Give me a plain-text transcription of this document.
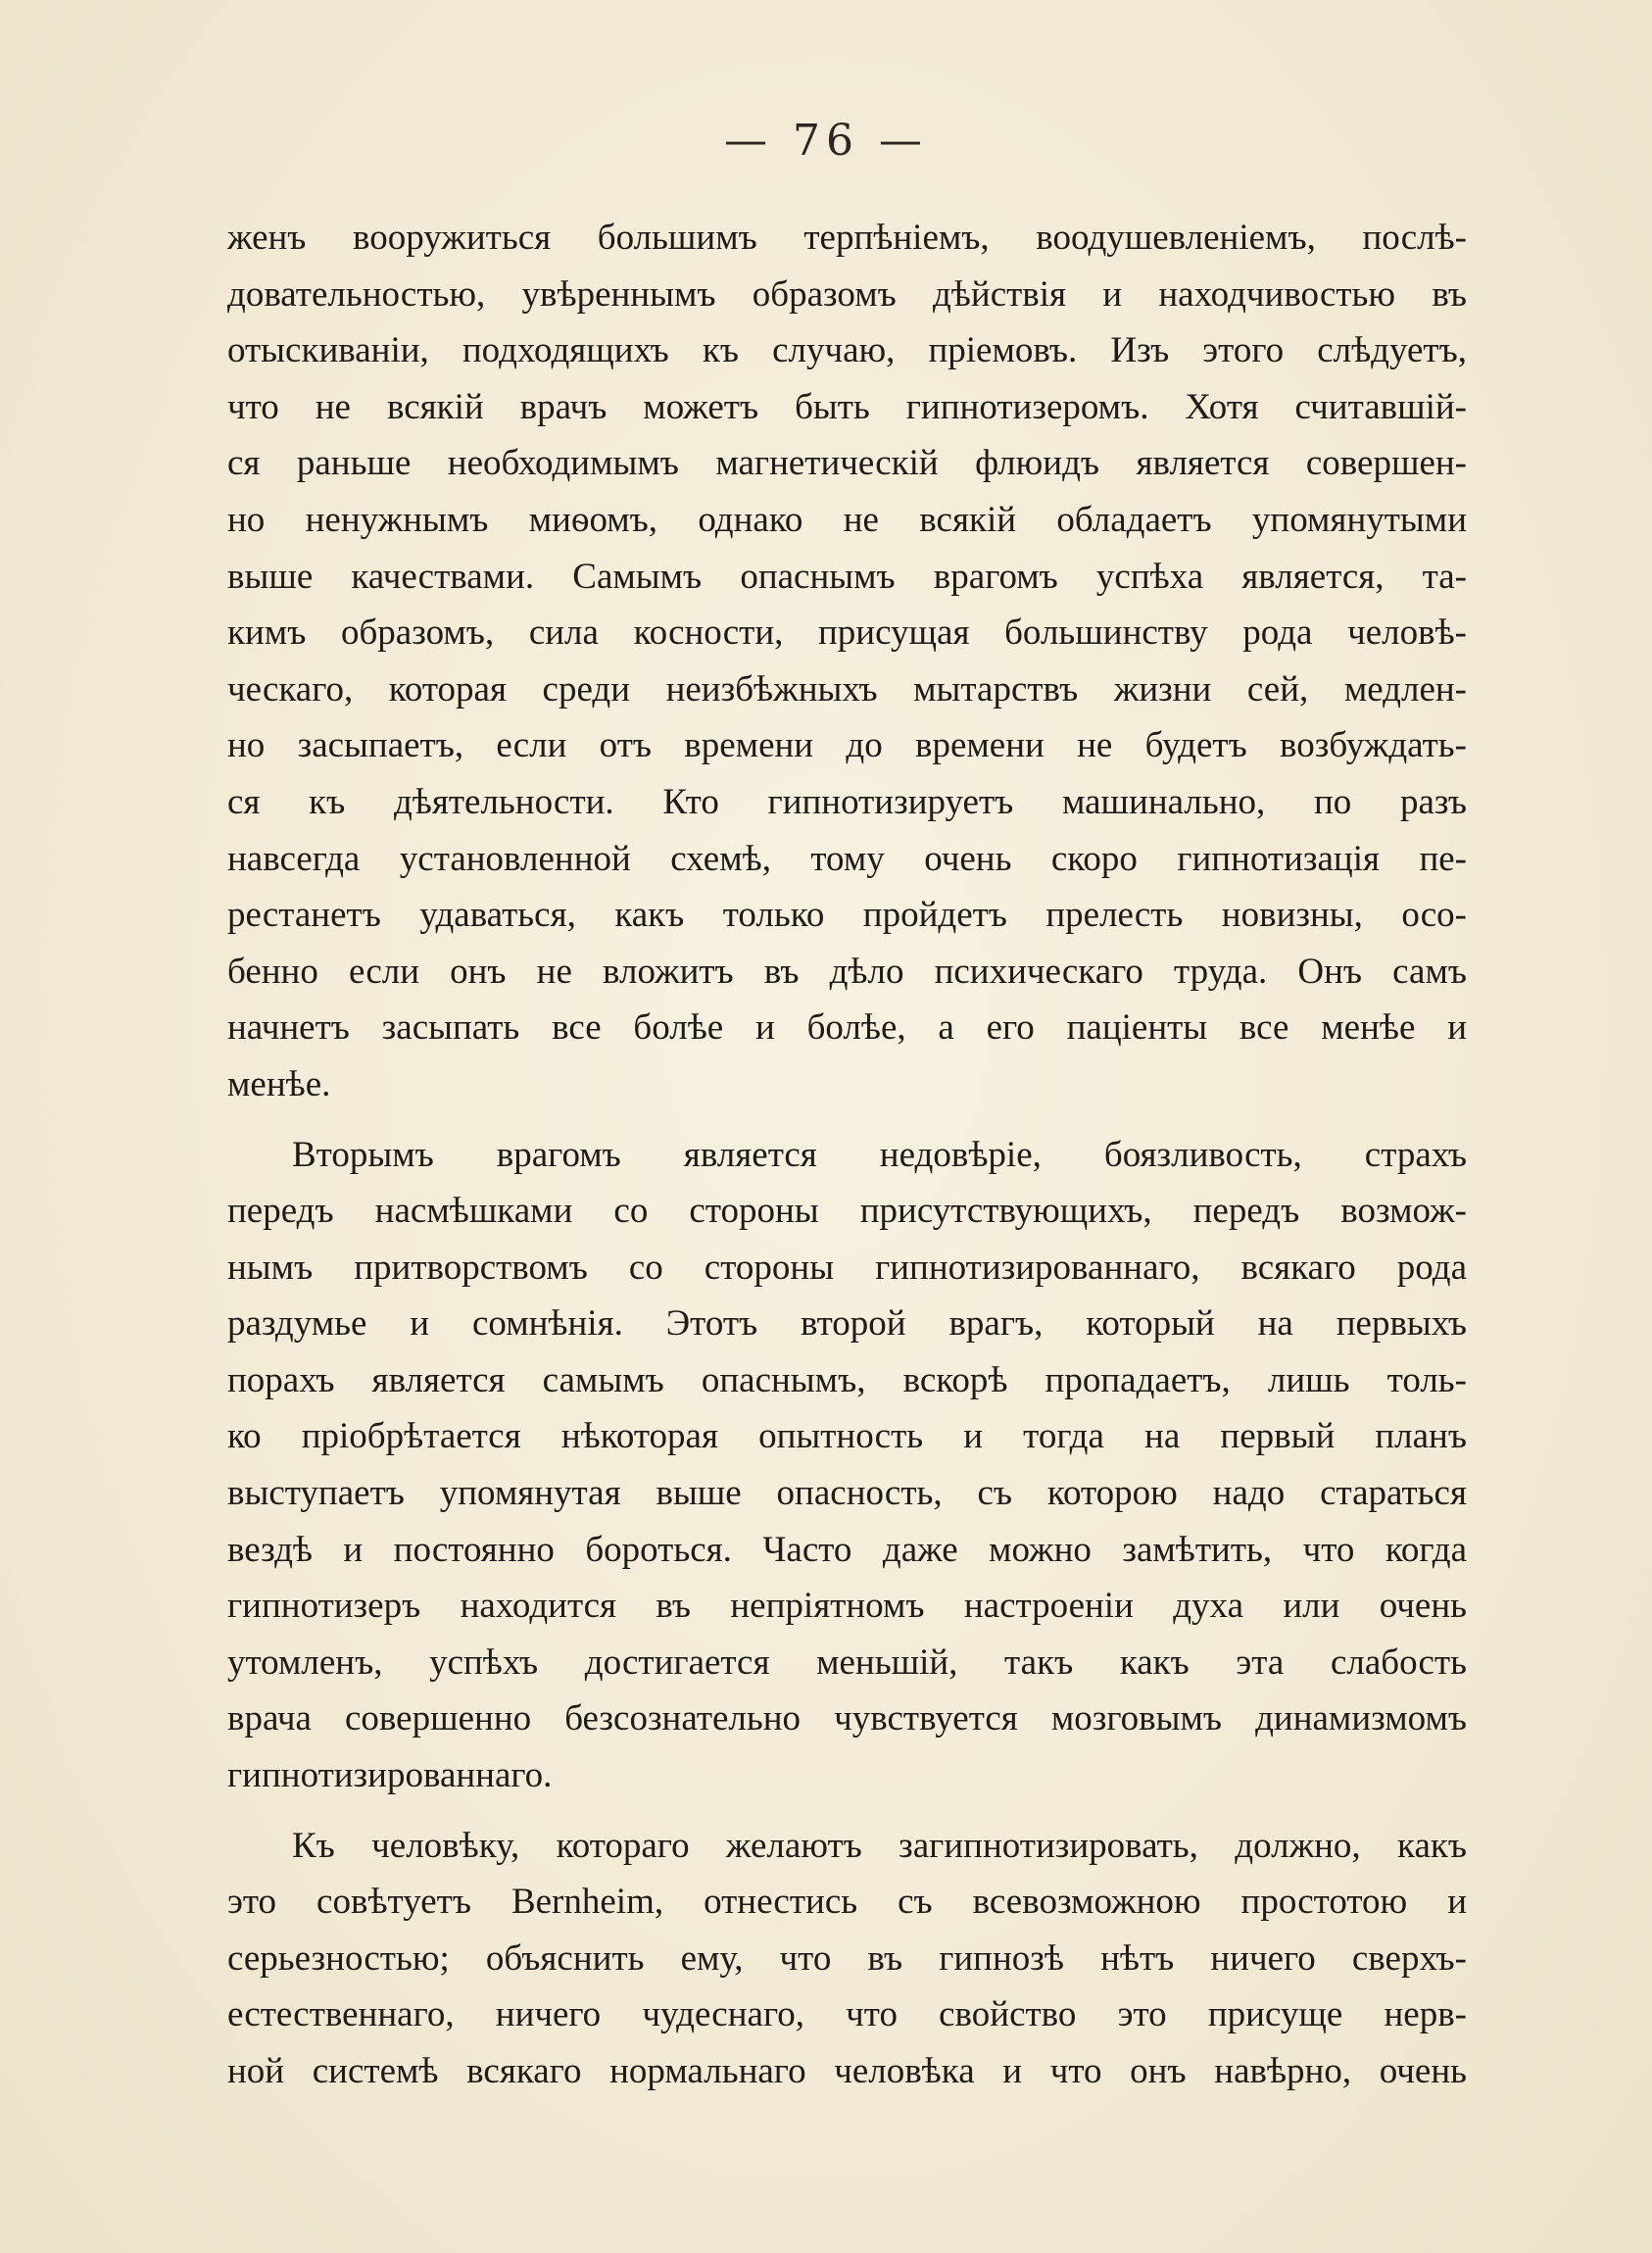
— 76 —
женъ вооружиться большимъ терпѣніемъ, воодушевленіемъ, послѣ-
довательностью, увѣреннымъ образомъ дѣйствія и находчивостью въ
отыскиваніи, подходящихъ къ случаю, пріемовъ. Изъ этого слѣдуетъ,
что не всякій врачъ можетъ быть гипнотизеромъ. Хотя считавшій-
ся раньше необходимымъ магнетическій флюидъ является совершен-
но ненужнымъ миѳомъ, однако не всякій обладаетъ упомянутыми
выше качествами. Самымъ опаснымъ врагомъ успѣха является, та-
кимъ образомъ, сила косности, присущая большинству рода человѣ-
ческаго, которая среди неизбѣжныхъ мытарствъ жизни сей, медлен-
но засыпаетъ, если отъ времени до времени не будетъ возбуждать-
ся къ дѣятельности. Кто гипнотизируетъ машинально, по разъ
навсегда установленной схемѣ, тому очень скоро гипнотизація пе-
рестанетъ удаваться, какъ только пройдетъ прелесть новизны, осо-
бенно если онъ не вложитъ въ дѣло психическаго труда. Онъ самъ
начнетъ засыпать все болѣе и болѣе, а его паціенты все менѣе и
менѣе.
Вторымъ врагомъ является недовѣріе, боязливость, страхъ
передъ насмѣшками со стороны присутствующихъ, передъ возмож-
нымъ притворствомъ со стороны гипнотизированнаго, всякаго рода
раздумье и сомнѣнія. Этотъ второй врагъ, который на первыхъ
порахъ является самымъ опаснымъ, вскорѣ пропадаетъ, лишь толь-
ко пріобрѣтается нѣкоторая опытность и тогда на первый планъ
выступаетъ упомянутая выше опасность, съ которою надо стараться
вездѣ и постоянно бороться. Часто даже можно замѣтить, что когда
гипнотизеръ находится въ непріятномъ настроеніи духа или очень
утомленъ, успѣхъ достигается меньшій, такъ какъ эта слабость
врача совершенно безсознательно чувствуется мозговымъ динамизмомъ
гипнотизированнаго.
Къ человѣку, котораго желаютъ загипнотизировать, должно, какъ
это совѣтуетъ Bernheim, отнестись съ всевозможною простотою и
серьезностью; объяснить ему, что въ гипнозѣ нѣтъ ничего сверхъ-
естественнаго, ничего чудеснаго, что свойство это присуще нерв-
ной системѣ всякаго нормальнаго человѣка и что онъ навѣрно, очень
